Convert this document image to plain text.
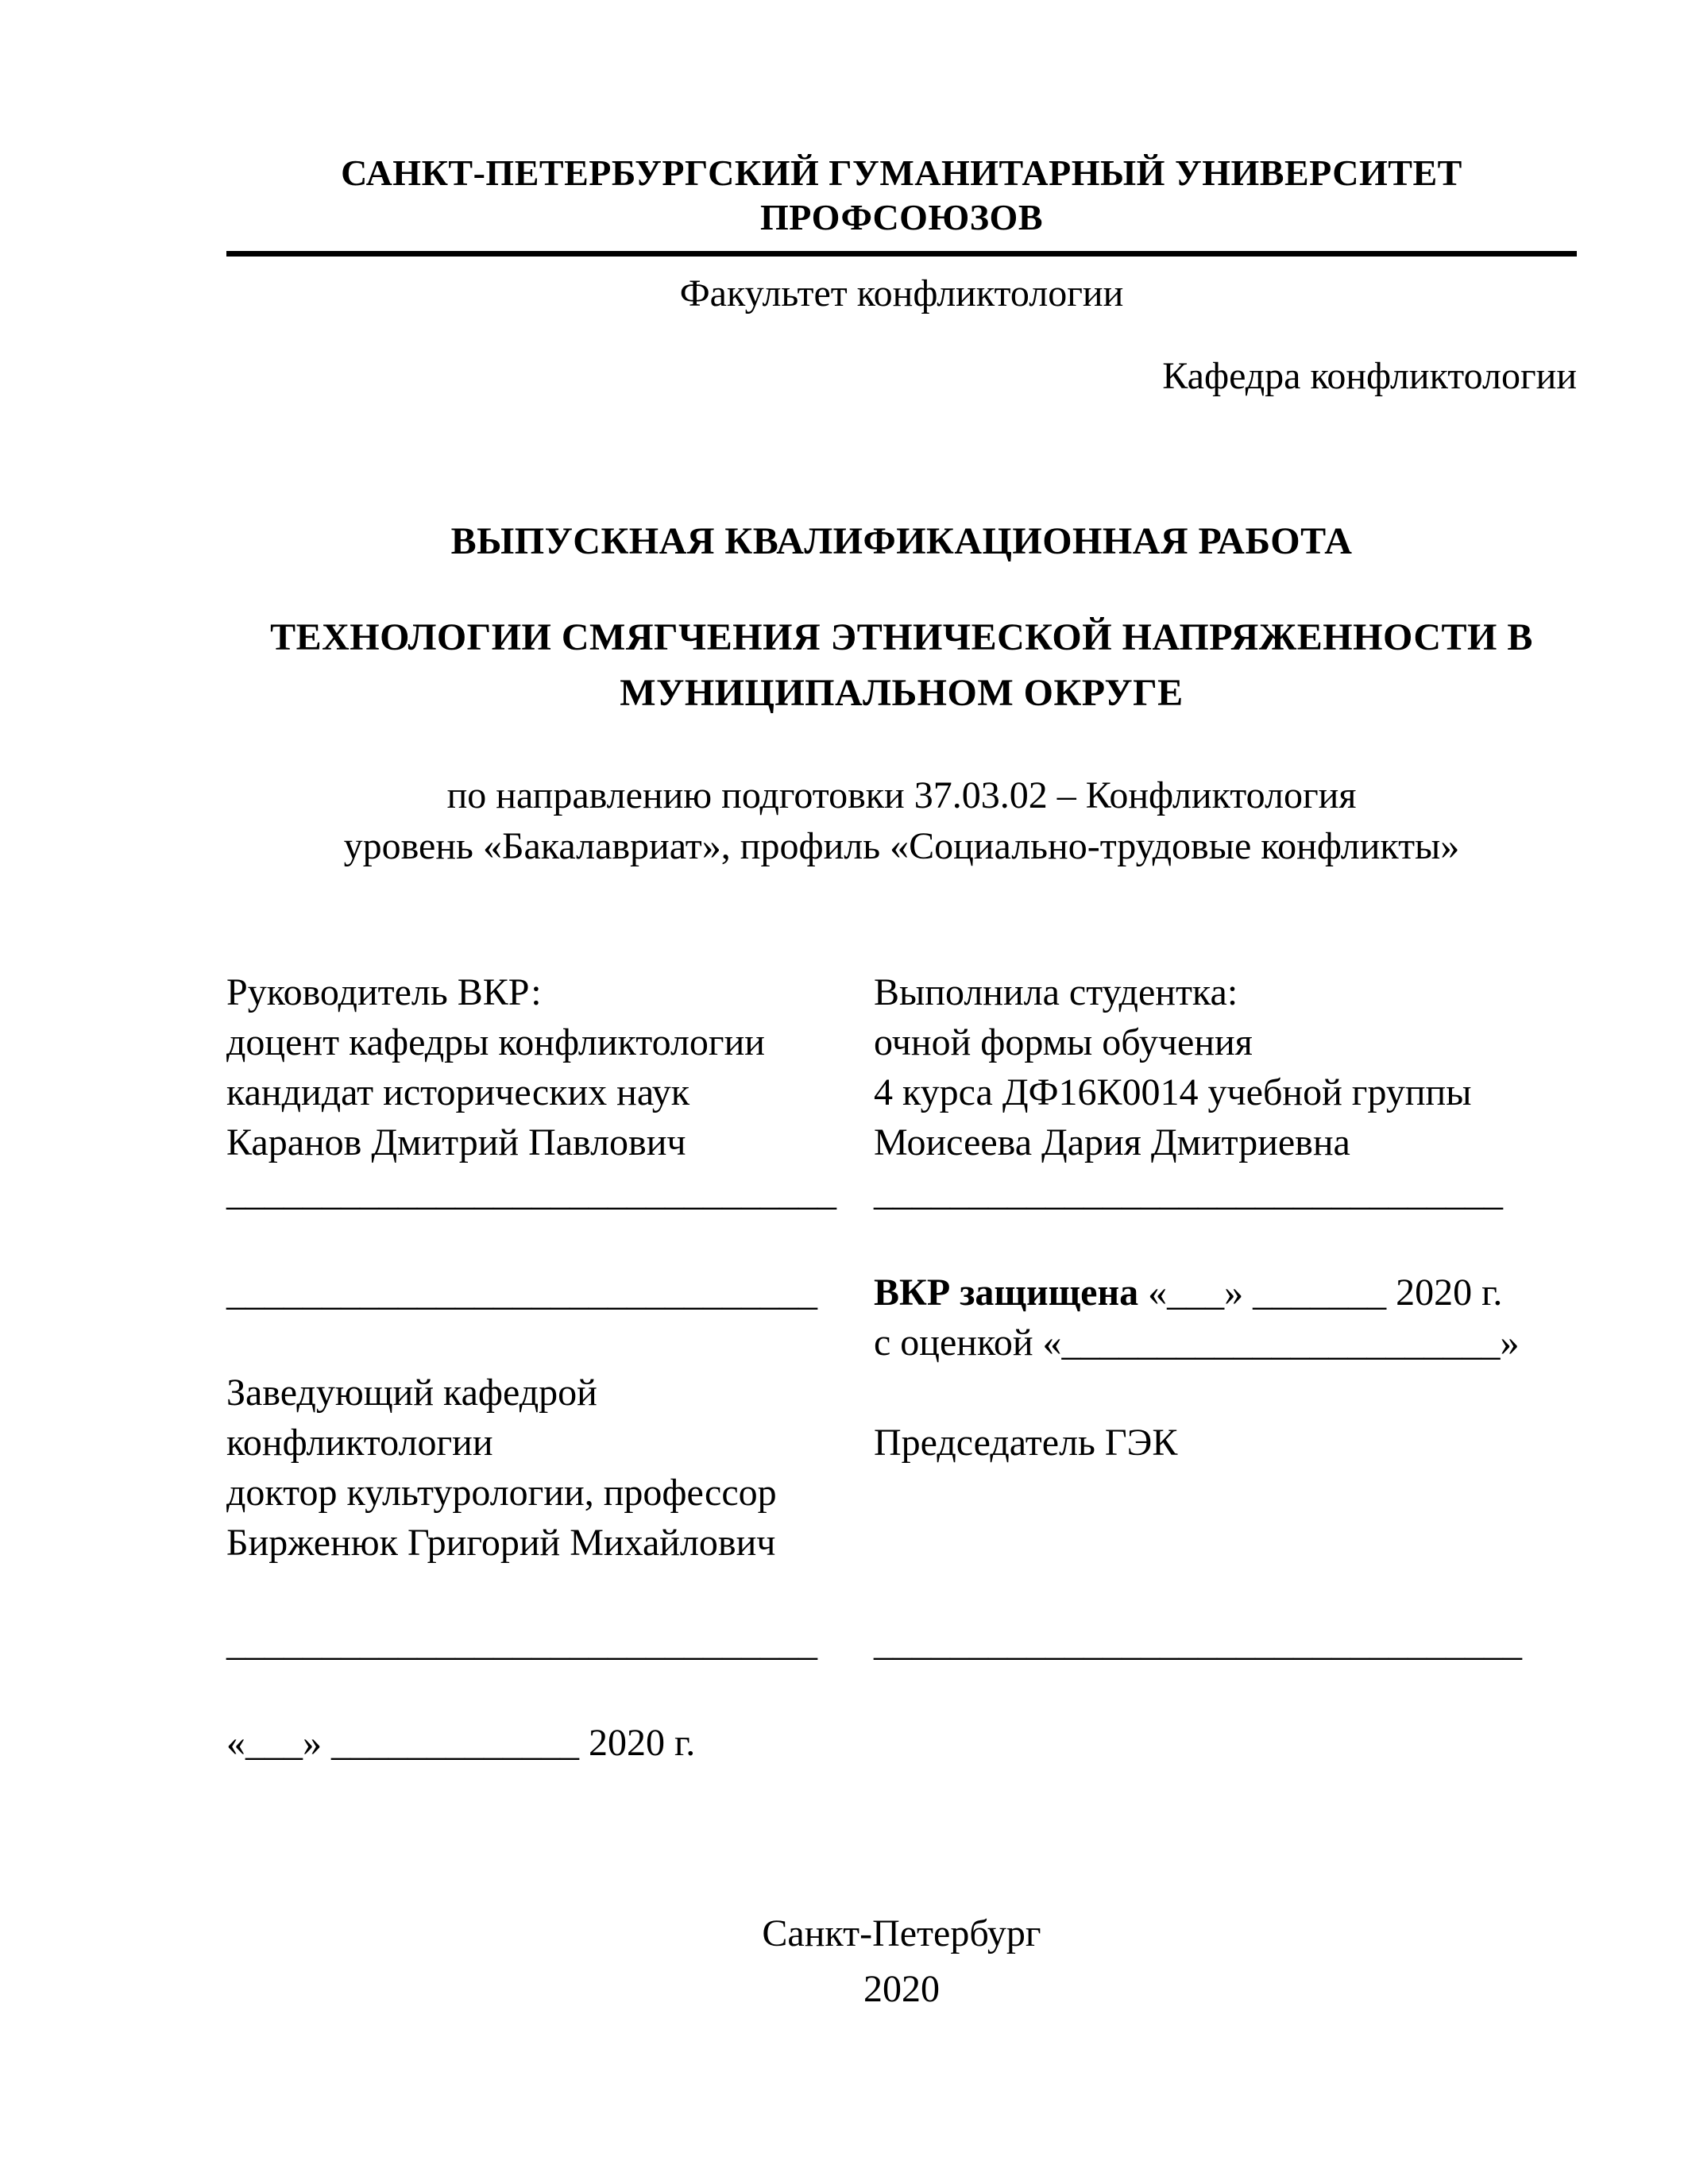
САНКТ-ПЕТЕРБУРГСКИЙ ГУМАНИТАРНЫЙ УНИВЕРСИТЕТ ПРОФСОЮЗОВ
Факультет конфликтологии
Кафедра конфликтологии
ВЫПУСКНАЯ КВАЛИФИКАЦИОННАЯ РАБОТА
ТЕХНОЛОГИИ СМЯГЧЕНИЯ ЭТНИЧЕСКОЙ НАПРЯЖЕННОСТИ В
МУНИЦИПАЛЬНОМ ОКРУГЕ
по направлению подготовки 37.03.02 – Конфликтология
уровень «Бакалавриат», профиль «Социально-трудовые конфликты»
Руководитель ВКР:
доцент кафедры конфликтологии
кандидат исторических наук
Каранов Дмитрий Павлович
________________________________

_______________________________

Заведующий кафедрой
конфликтологии
доктор культурологии, профессор
Бирженюк Григорий Михайлович

_______________________________

«___» _____________ 2020 г.
Выполнила студентка:
очной формы обучения
4 курса ДФ16К0014 учебной группы
Моисеева Дария Дмитриевна
_________________________________

ВКР защищена «___» _______ 2020 г.
с оценкой «_______________________»

Председатель ГЭК

__________________________________
Санкт-Петербург
2020
